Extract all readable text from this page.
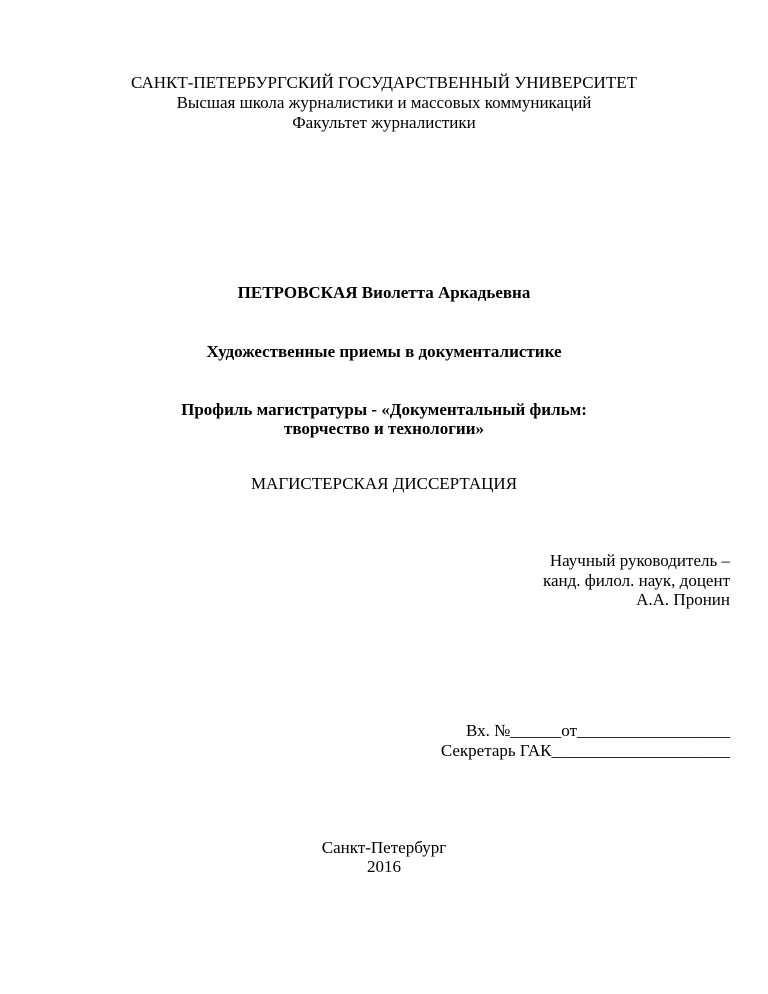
САНКТ-ПЕТЕРБУРГСКИЙ ГОСУДАРСТВЕННЫЙ УНИВЕРСИТЕТ
Высшая школа журналистики и массовых коммуникаций
Факультет журналистики
ПЕТРОВСКАЯ Виолетта Аркадьевна
Художественные приемы в документалистике
Профиль магистратуры - «Документальный фильм:
творчество и технологии»
МАГИСТЕРСКАЯ ДИССЕРТАЦИЯ
Научный руководитель –
канд. филол. наук, доцент
А.А. Пронин
Вх. №______от__________________
Секретарь ГАК_____________________
Санкт-Петербург
2016
